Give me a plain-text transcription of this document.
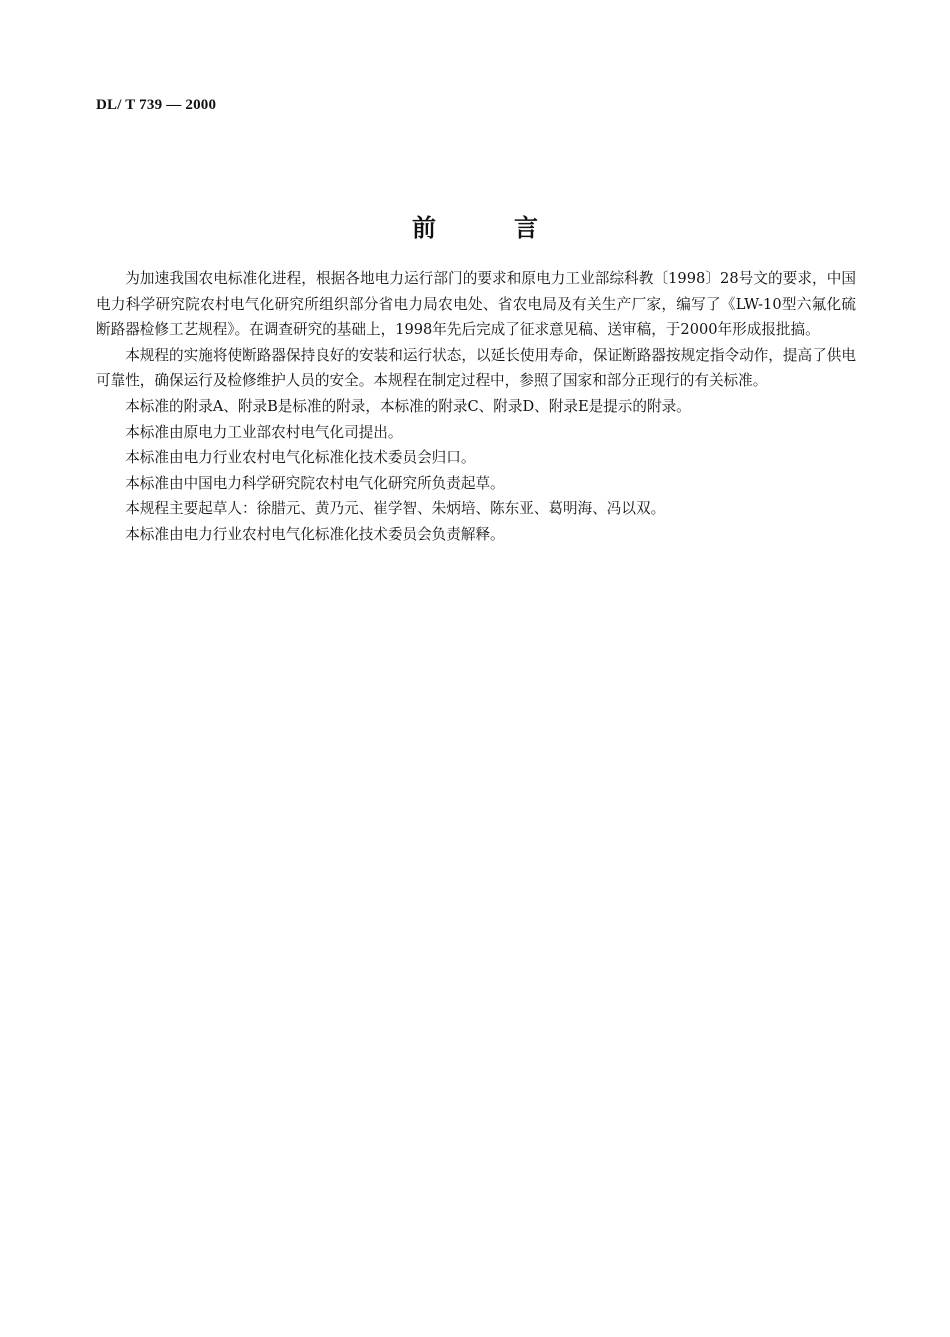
DL/ T 739 — 2000
前	言

为加速我国农电标准化进程，根据各地电力运行部门的要求和原电力工业部综科教〔1998〕28号文的要求，中国电力科学研究院农村电气化研究所组织部分省电力局农电处、省农电局及有关生产厂家，编写了《LW-10型六氟化硫断路器检修工艺规程》。在调查研究的基础上，1998年先后完成了征求意见稿、送审稿，于2000年形成报批搞。

本规程的实施将使断路器保持良好的安装和运行状态，以延长使用寿命，保证断路器按规定指令动作，提高了供电可靠性，确保运行及检修维护人员的安全。本规程在制定过程中，参照了国家和部分正现行的有关标准。

本标准的附录A、附录B是标准的附录，本标准的附录C、附录D、附录E是提示的附录。

本标准由原电力工业部农村电气化司提出。

本标准由电力行业农村电气化标准化技术委员会归口。

本标准由中国电力科学研究院农村电气化研究所负责起草。

本规程主要起草人：徐腊元、黄乃元、崔学智、朱炳培、陈东亚、葛明海、冯以双。

本标准由电力行业农村电气化标准化技术委员会负责解释。
